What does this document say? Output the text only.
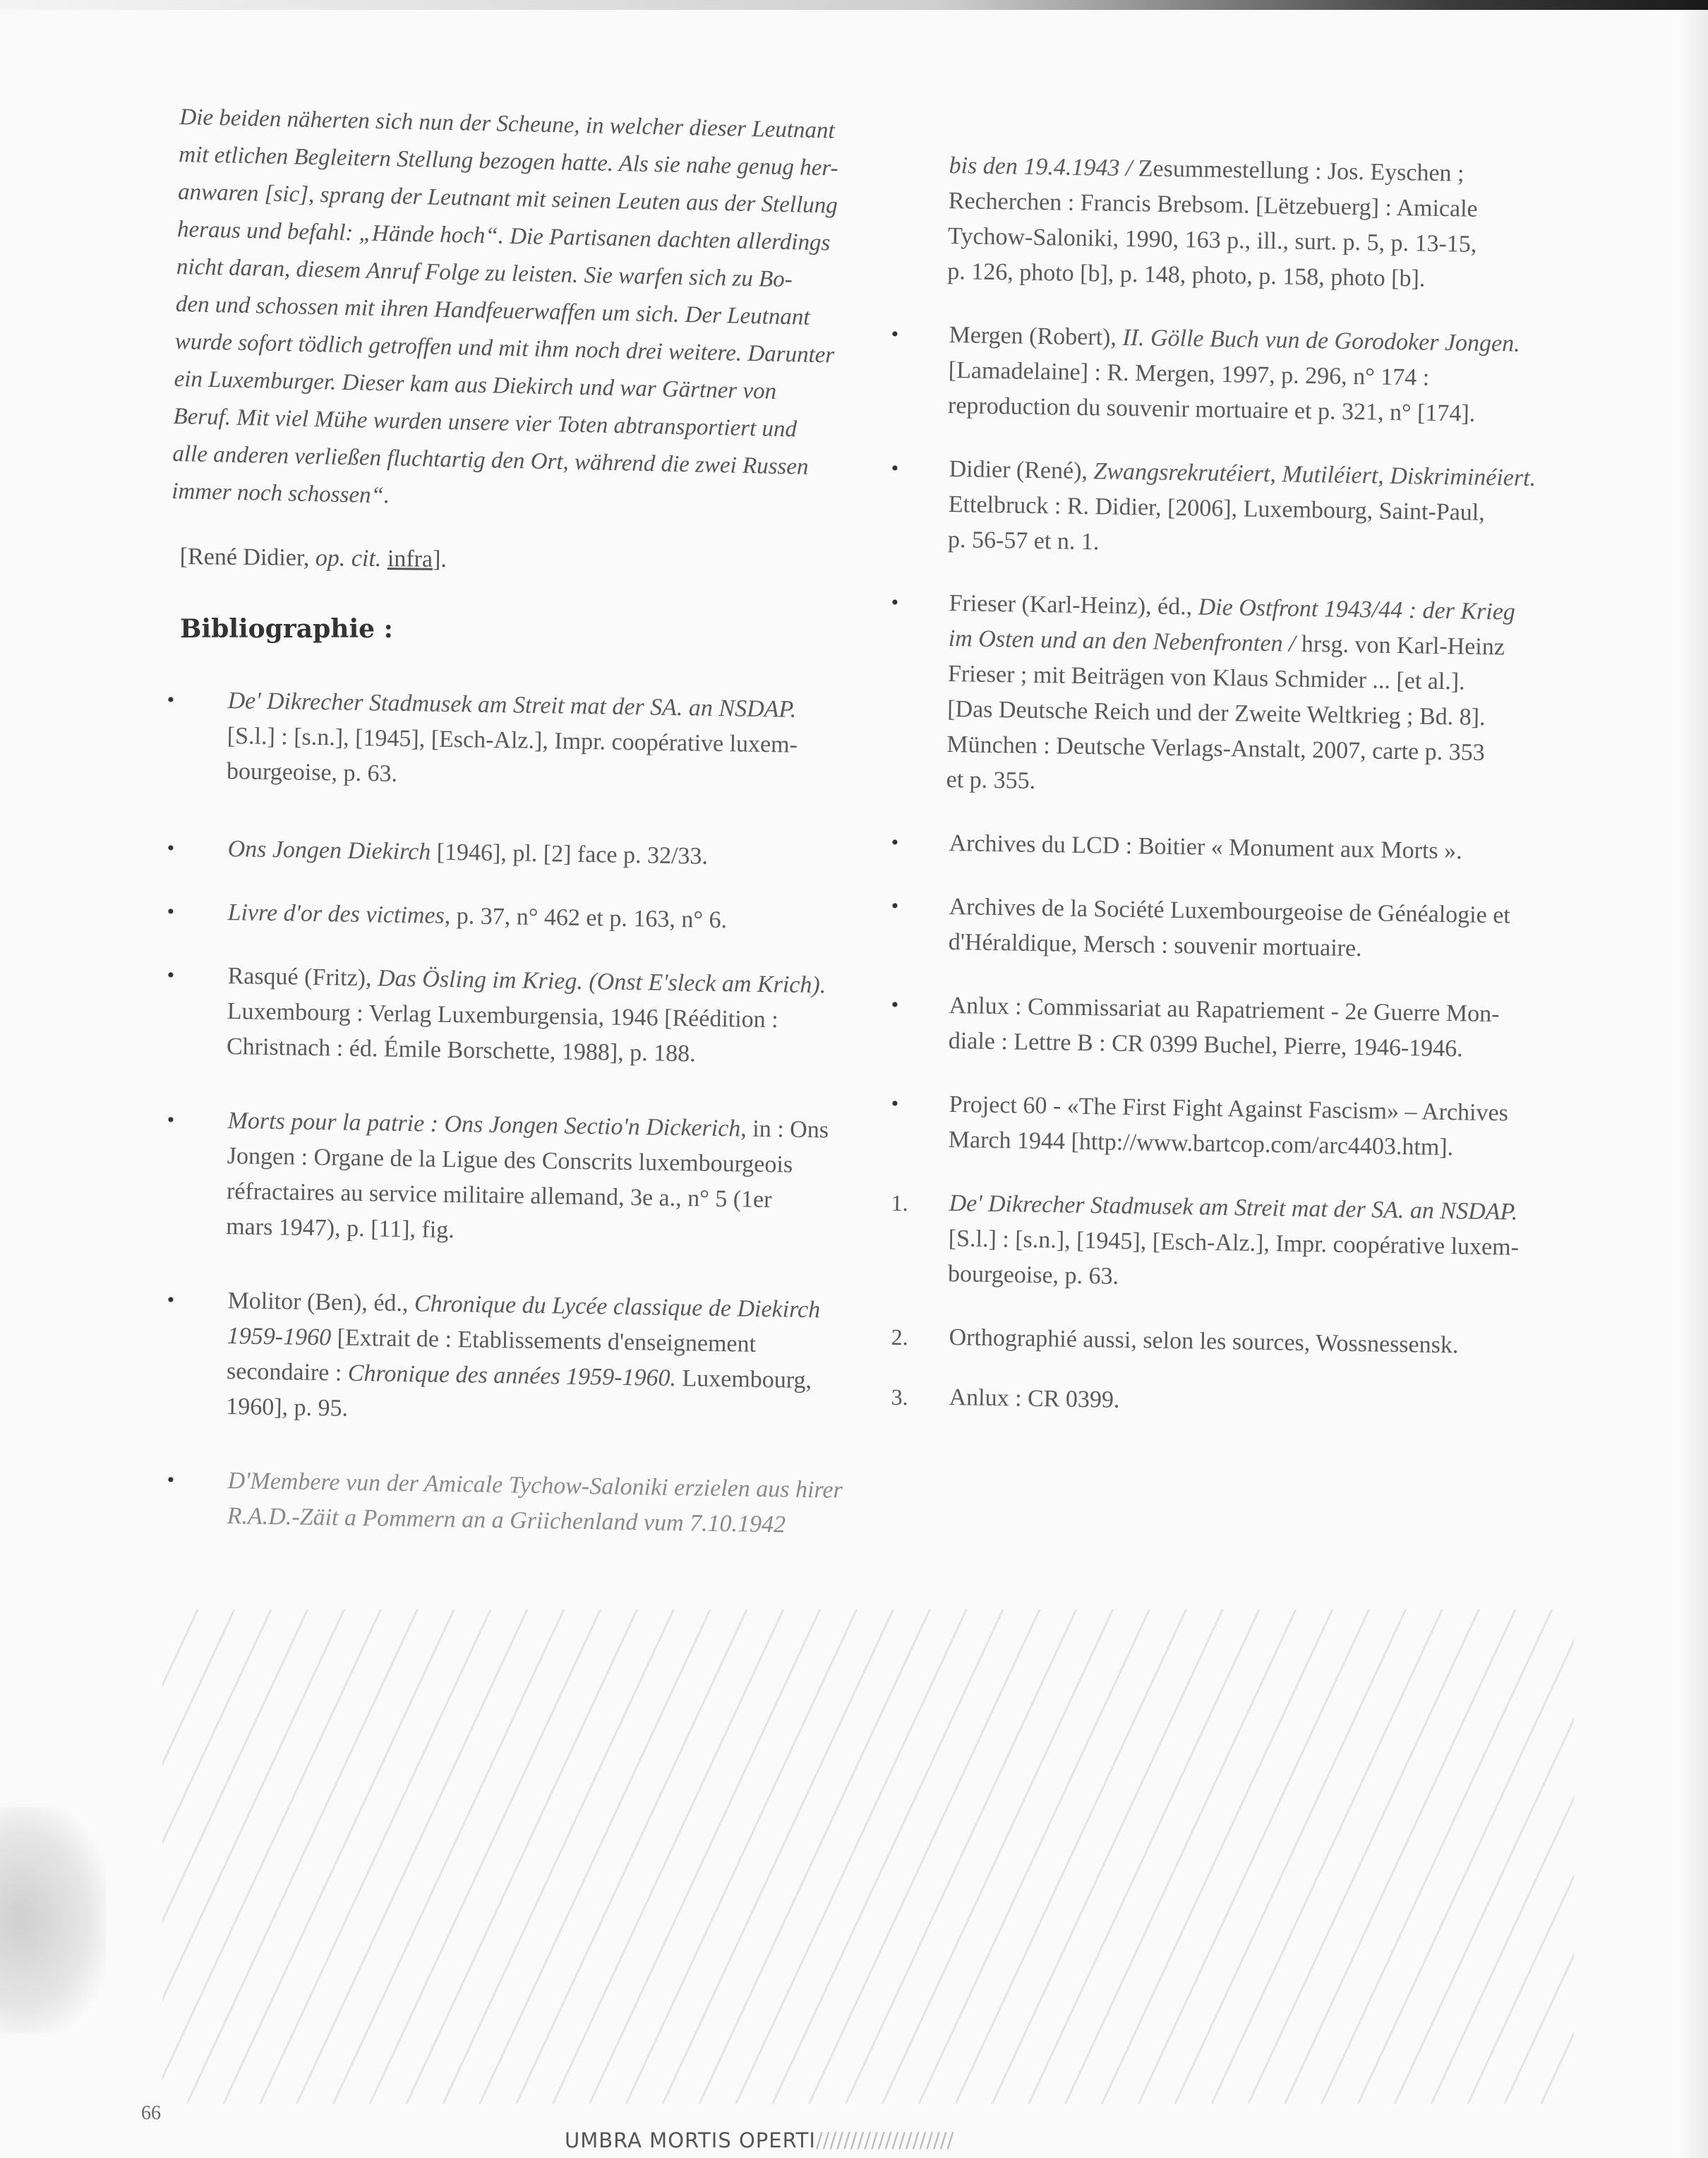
Die beiden näherten sich nun der Scheune, in welcher dieser Leutnant
mit etlichen Begleitern Stellung bezogen hatte. Als sie nahe genug her-
anwaren [sic], sprang der Leutnant mit seinen Leuten aus der Stellung
heraus und befahl: „Hände hoch“. Die Partisanen dachten allerdings
nicht daran, diesem Anruf Folge zu leisten. Sie warfen sich zu Bo-
den und schossen mit ihren Handfeuerwaffen um sich. Der Leutnant
wurde sofort tödlich getroffen und mit ihm noch drei weitere. Darunter
ein Luxemburger. Dieser kam aus Diekirch und war Gärtner von
Beruf. Mit viel Mühe wurden unsere vier Toten abtransportiert und
alle anderen verließen fluchtartig den Ort, während die zwei Russen
immer noch schossen“.
[René Didier, op. cit. infra].
Bibliographie :
• De' Dikrecher Stadmusek am Streit mat der SA. an NSDAP.
[S.l.] : [s.n.], [1945], [Esch-Alz.], Impr. coopérative luxem-
bourgeoise, p. 63.
• Ons Jongen Diekirch [1946], pl. [2] face p. 32/33.
• Livre d'or des victimes, p. 37, n° 462 et p. 163, n° 6.
• Rasqué (Fritz), Das Ösling im Krieg. (Onst E'sleck am Krich).
Luxembourg : Verlag Luxemburgensia, 1946 [Réédition :
Christnach : éd. Émile Borschette, 1988], p. 188.
• Morts pour la patrie : Ons Jongen Sectio'n Dickerich, in : Ons
Jongen : Organe de la Ligue des Conscrits luxembourgeois
réfractaires au service militaire allemand, 3e a., n° 5 (1er
mars 1947), p. [11], fig.
• Molitor (Ben), éd., Chronique du Lycée classique de Diekirch
1959-1960 [Extrait de : Etablissements d'enseignement
secondaire : Chronique des années 1959-1960. Luxembourg,
1960], p. 95.
• D'Membere vun der Amicale Tychow-Saloniki erzielen aus hirer
R.A.D.-Zäit a Pommern an a Griichenland vum 7.10.1942
bis den 19.4.1943 / Zesummestellung : Jos. Eyschen ;
Recherchen : Francis Brebsom. [Lëtzebuerg] : Amicale
Tychow-Saloniki, 1990, 163 p., ill., surt. p. 5, p. 13-15,
p. 126, photo [b], p. 148, photo, p. 158, photo [b].
• Mergen (Robert), II. Gölle Buch vun de Gorodoker Jongen.
[Lamadelaine] : R. Mergen, 1997, p. 296, n° 174 :
reproduction du souvenir mortuaire et p. 321, n° [174].
• Didier (René), Zwangsrekrutéiert, Mutiléiert, Diskriminéiert.
Ettelbruck : R. Didier, [2006], Luxembourg, Saint-Paul,
p. 56-57 et n. 1.
• Frieser (Karl-Heinz), éd., Die Ostfront 1943/44 : der Krieg
im Osten und an den Nebenfronten / hrsg. von Karl-Heinz
Frieser ; mit Beiträgen von Klaus Schmider ... [et al.].
[Das Deutsche Reich und der Zweite Weltkrieg ; Bd. 8].
München : Deutsche Verlags-Anstalt, 2007, carte p. 353
et p. 355.
• Archives du LCD : Boitier « Monument aux Morts ».
• Archives de la Société Luxembourgeoise de Généalogie et
d'Héraldique, Mersch : souvenir mortuaire.
• Anlux : Commissariat au Rapatriement - 2e Guerre Mon-
diale : Lettre B : CR 0399 Buchel, Pierre, 1946-1946.
• Project 60 - «The First Fight Against Fascism» – Archives
March 1944 [http://www.bartcop.com/arc4403.htm].
1. De' Dikrecher Stadmusek am Streit mat der SA. an NSDAP.
[S.l.] : [s.n.], [1945], [Esch-Alz.], Impr. coopérative luxem-
bourgeoise, p. 63.
2. Orthographié aussi, selon les sources, Wossnessensk.
3. Anlux : CR 0399.
66
UMBRA MORTIS OPERTI////////////////////
